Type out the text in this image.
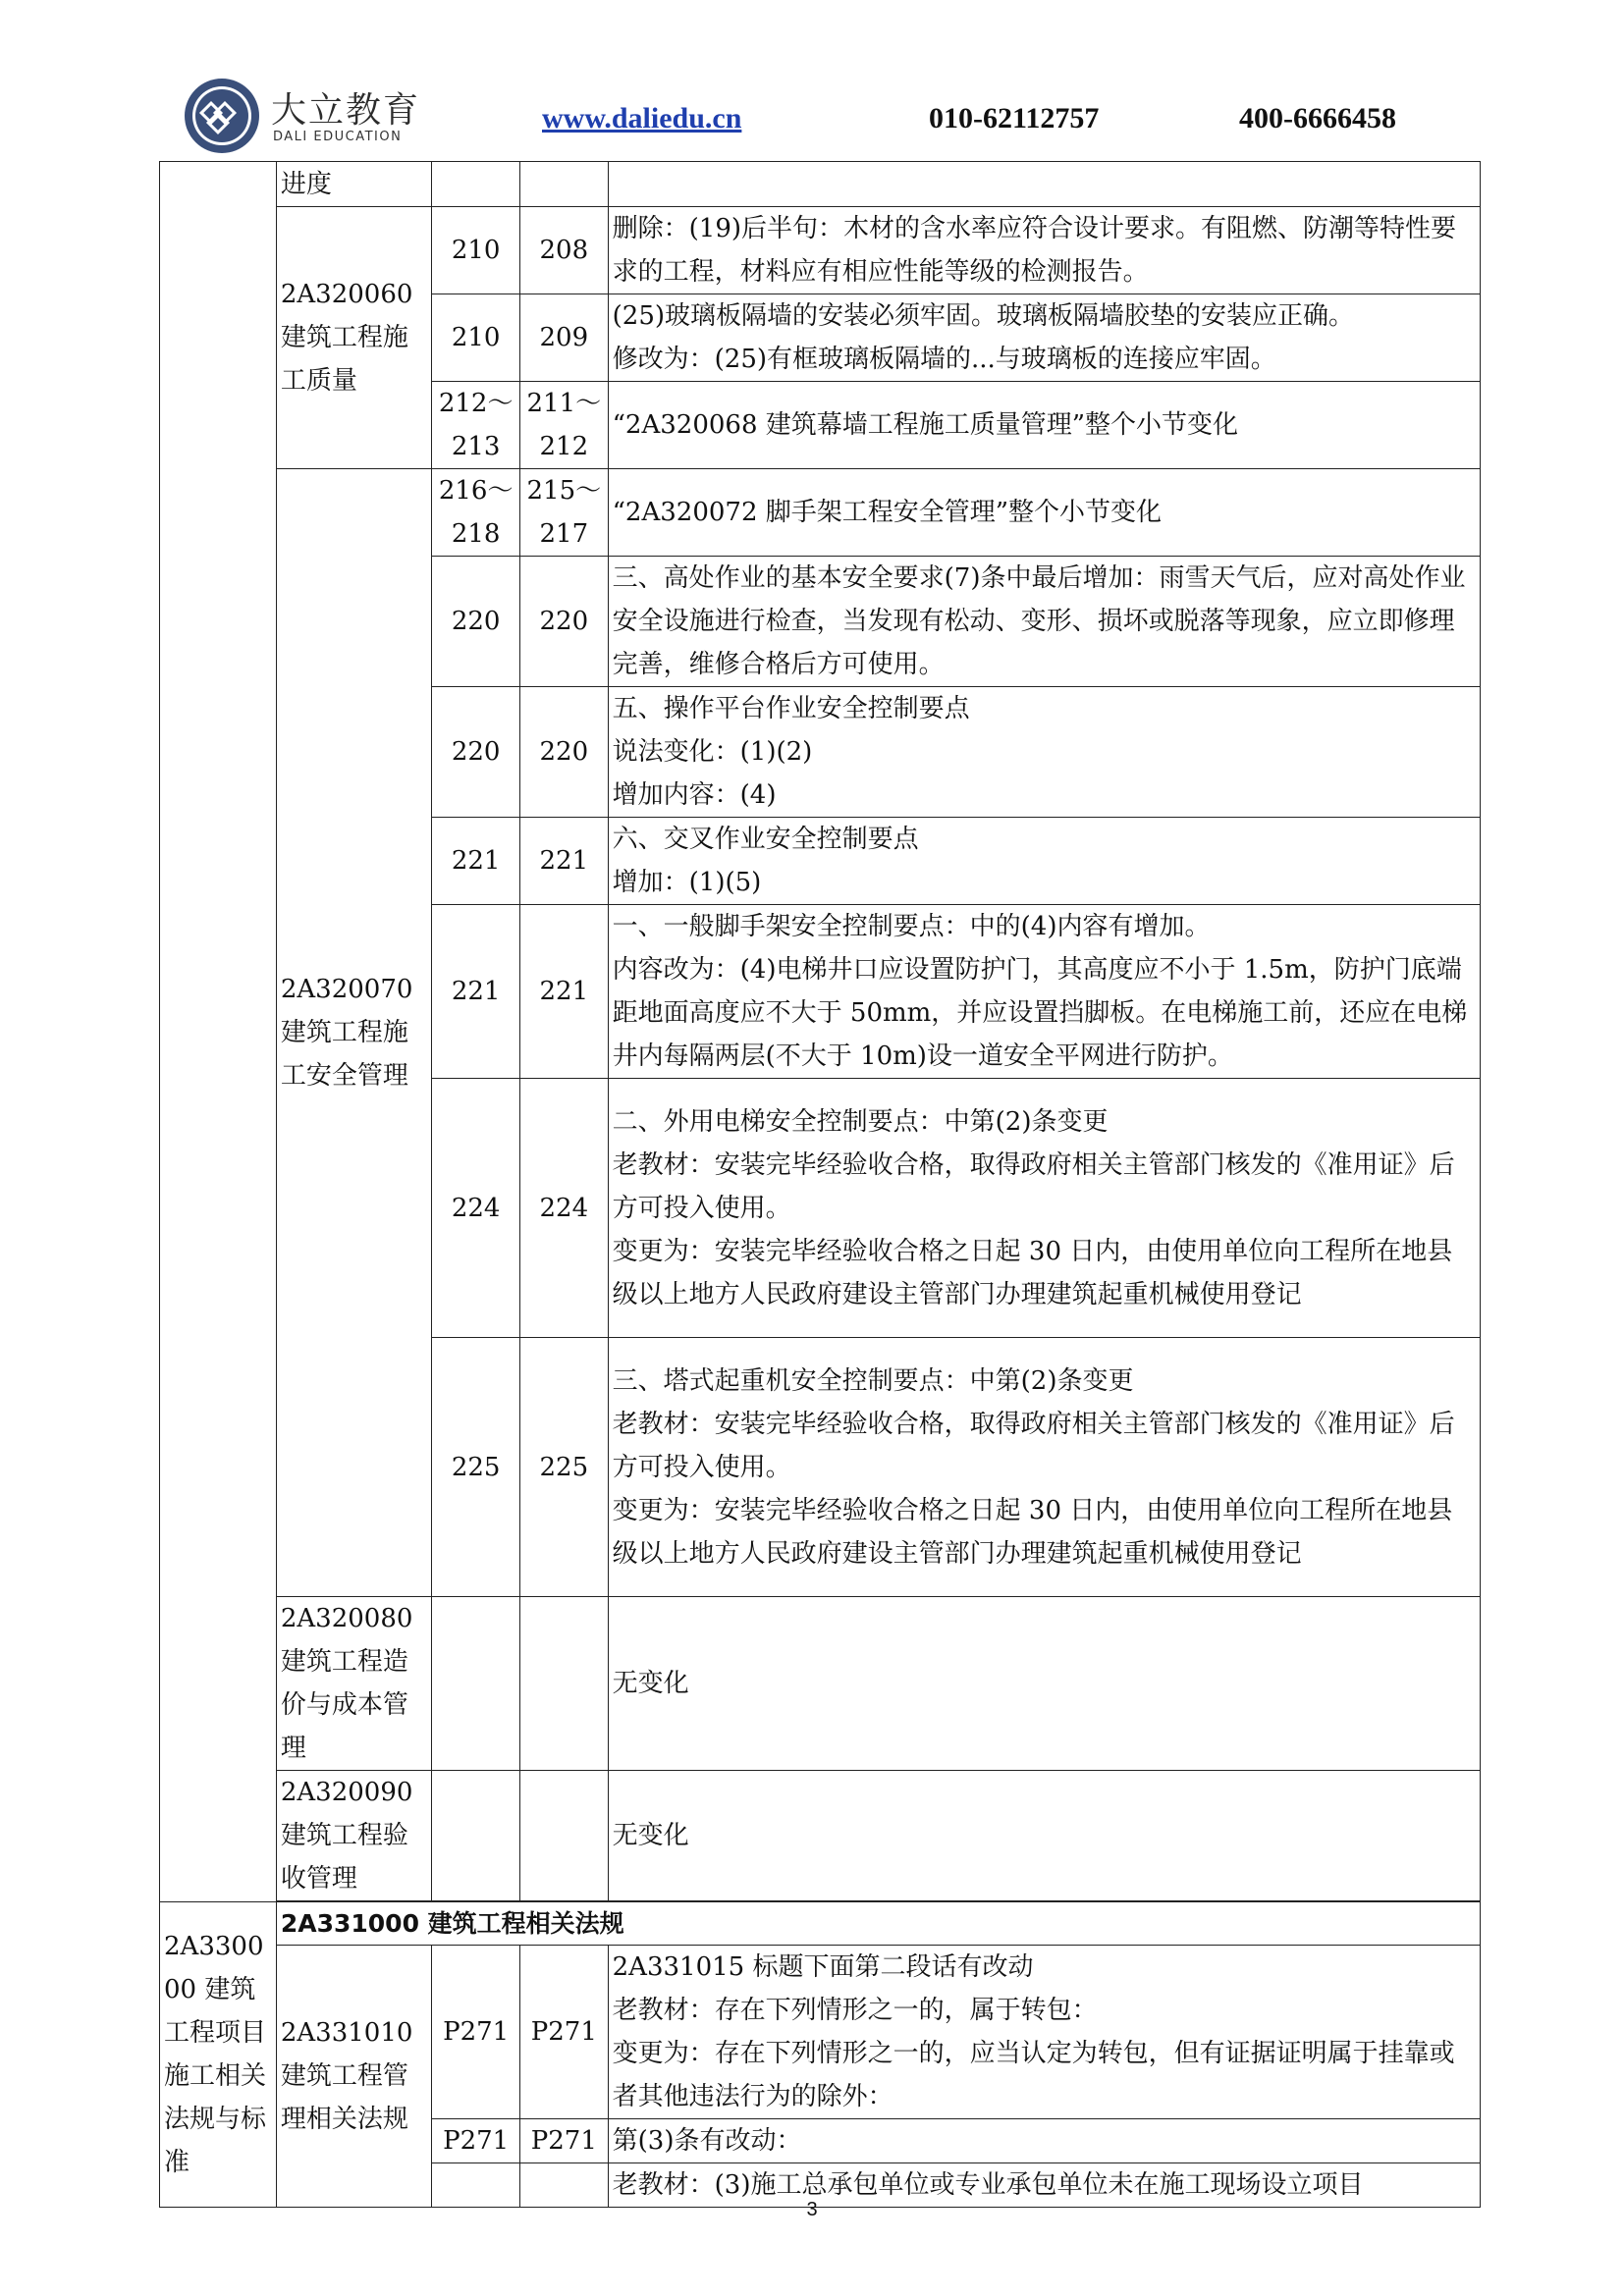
大立教育
DALI EDUCATION
www.daliedu.cn	010-62112757	400-6666458
	进度			
	2A320060 建筑工程施工质量	210	208	删除：(19)后半句：木材的含水率应符合设计要求。有阻燃、防潮等特性要求的工程，材料应有相应性能等级的检测报告。
		210	209	(25)玻璃板隔墙的安装必须牢固。玻璃板隔墙胶垫的安装应正确。
修改为：(25)有框玻璃板隔墙的...与玻璃板的连接应牢固。

		212～213	211～212	“2A320068 建筑幕墙工程施工质量管理”整个小节变化
	2A320070 建筑工程施工安全管理	216～218	215～217	“2A320072 脚手架工程安全管理”整个小节变化
		220	220	三、高处作业的基本安全要求(7)条中最后增加：雨雪天气后，应对高处作业安全设施进行检查，当发现有松动、变形、损坏或脱落等现象，应立即修理完善，维修合格后方可使用。
		220	220	五、操作平台作业安全控制要点
说法变化：(1)(2)
增加内容：(4)

		221	221	六、交叉作业安全控制要点
增加：(1)(5)

		221	221	一、一般脚手架安全控制要点：中的(4)内容有增加。
内容改为：(4)电梯井口应设置防护门，其高度应不小于 1.5m，防护门底端距地面高度应不大于 50mm，并应设置挡脚板。在电梯施工前，还应在电梯井内每隔两层(不大于 10m)设一道安全平网进行防护。

		224	224	二、外用电梯安全控制要点：中第(2)条变更
老教材：安装完毕经验收合格，取得政府相关主管部门核发的《准用证》后方可投入使用。
变更为：安装完毕经验收合格之日起 30 日内，由使用单位向工程所在地县级以上地方人民政府建设主管部门办理建筑起重机械使用登记

		225	225	三、塔式起重机安全控制要点：中第(2)条变更
老教材：安装完毕经验收合格，取得政府相关主管部门核发的《准用证》后方可投入使用。
变更为：安装完毕经验收合格之日起 30 日内，由使用单位向工程所在地县级以上地方人民政府建设主管部门办理建筑起重机械使用登记

	2A320080 建筑工程造价与成本管理			无变化
	2A320090 建筑工程验收管理			无变化

2A330000 建筑工程项目施工相关法规与标准	2A331000 建筑工程相关法规			
	2A331010 建筑工程管理相关法规	P271	P271	2A331015 标题下面第二段话有改动
老教材：存在下列情形之一的，属于转包：
变更为：存在下列情形之一的，应当认定为转包，但有证据证明属于挂靠或者其他违法行为的除外：

		P271	P271	第(3)条有改动：
				老教材：(3)施工总承包单位或专业承包单位未在施工现场设立项目
3
